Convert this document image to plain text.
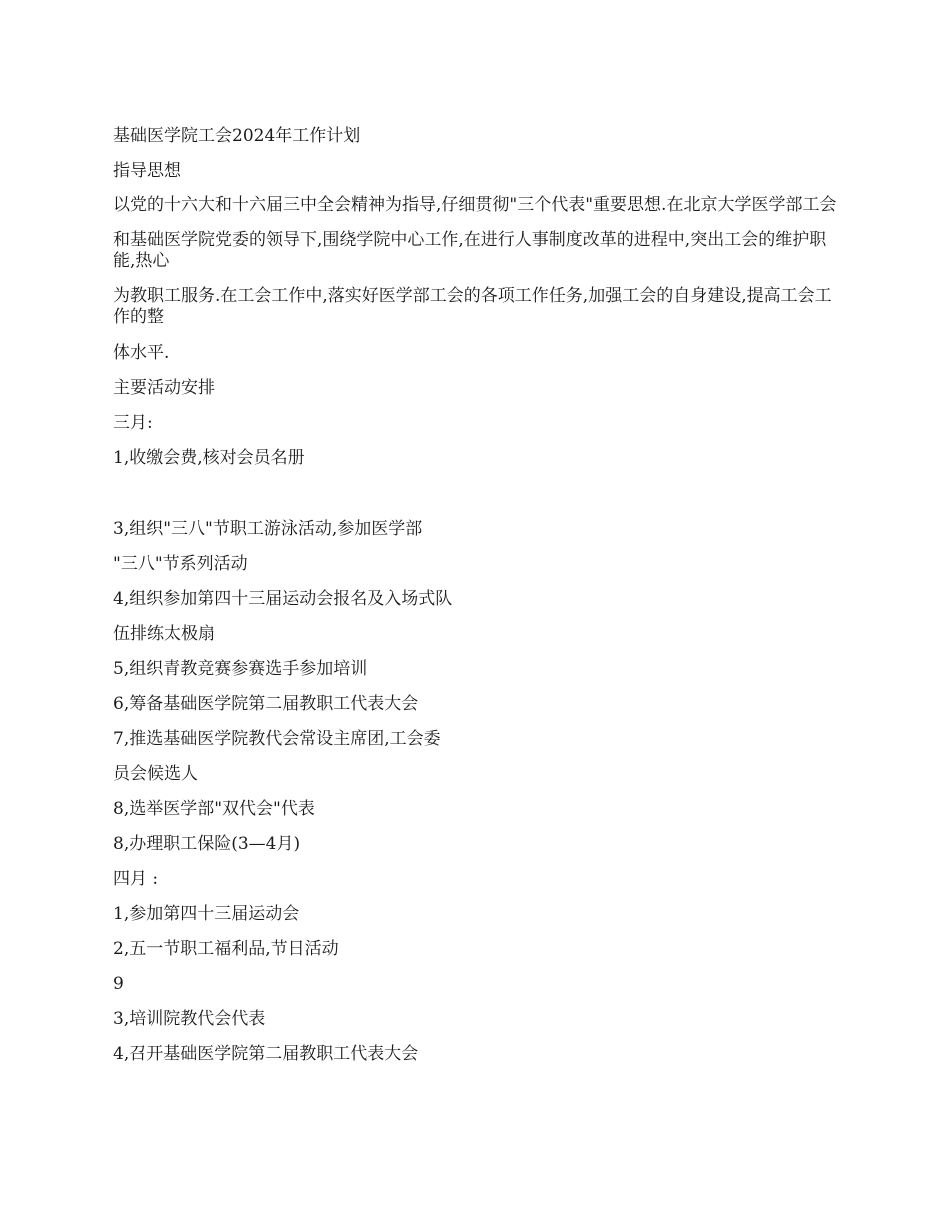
基础医学院工会2024年工作计划
指导思想
以党的十六大和十六届三中全会精神为指导,仔细贯彻"三个代表"重要思想.在北京大学医学部工会
和基础医学院党委的领导下,围绕学院中心工作,在进行人事制度改革的进程中,突出工会的维护职能,热心
为教职工服务.在工会工作中,落实好医学部工会的各项工作任务,加强工会的自身建设,提高工会工作的整
体水平.
主要活动安排
三月:
1,收缴会费,核对会员名册
3,组织"三八"节职工游泳活动,参加医学部
"三八"节系列活动
4,组织参加第四十三届运动会报名及入场式队
伍排练太极扇
5,组织青教竞赛参赛选手参加培训
6,筹备基础医学院第二届教职工代表大会
7,推选基础医学院教代会常设主席团,工会委
员会候选人
8,选举医学部"双代会"代表
8,办理职工保险(3—4月)
四月 :
1,参加第四十三届运动会
2,五一节职工福利品,节日活动
9
3,培训院教代会代表
4,召开基础医学院第二届教职工代表大会
